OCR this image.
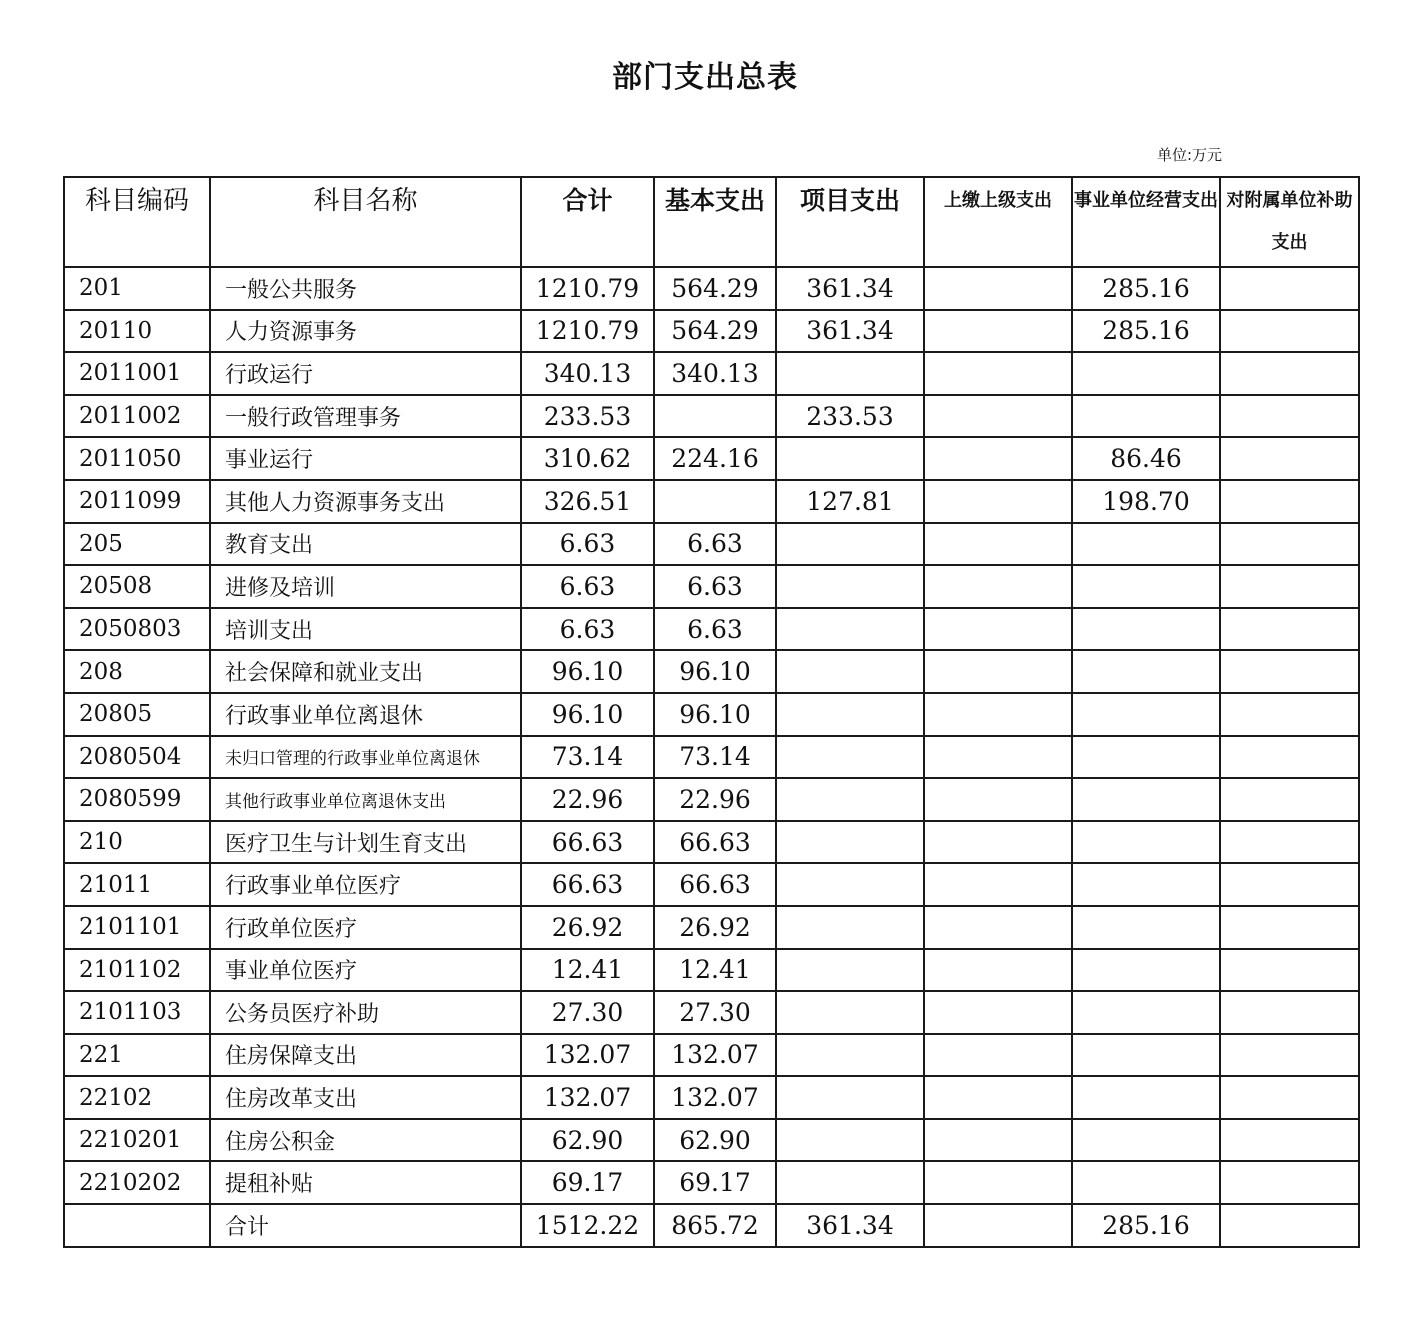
部门支出总表
单位:万元
科目编码	科目名称	合计	基本支出	项目支出	上缴上级支出	事业单位经营支出	对附属单位补助支出
201	一般公共服务	1210.79	564.29	361.34		285.16	
20110	人力资源事务	1210.79	564.29	361.34		285.16	
2011001	行政运行	340.13	340.13				
2011002	一般行政管理事务	233.53		233.53			
2011050	事业运行	310.62	224.16			86.46	
2011099	其他人力资源事务支出	326.51		127.81		198.70	
205	教育支出	6.63	6.63				
20508	进修及培训	6.63	6.63				
2050803	培训支出	6.63	6.63				
208	社会保障和就业支出	96.10	96.10				
20805	行政事业单位离退休	96.10	96.10				
2080504	未归口管理的行政事业单位离退休	73.14	73.14				
2080599	其他行政事业单位离退休支出	22.96	22.96				
210	医疗卫生与计划生育支出	66.63	66.63				
21011	行政事业单位医疗	66.63	66.63				
2101101	行政单位医疗	26.92	26.92				
2101102	事业单位医疗	12.41	12.41				
2101103	公务员医疗补助	27.30	27.30				
221	住房保障支出	132.07	132.07				
22102	住房改革支出	132.07	132.07				
2210201	住房公积金	62.90	62.90				
2210202	提租补贴	69.17	69.17				
	合计	1512.22	865.72	361.34		285.16	
